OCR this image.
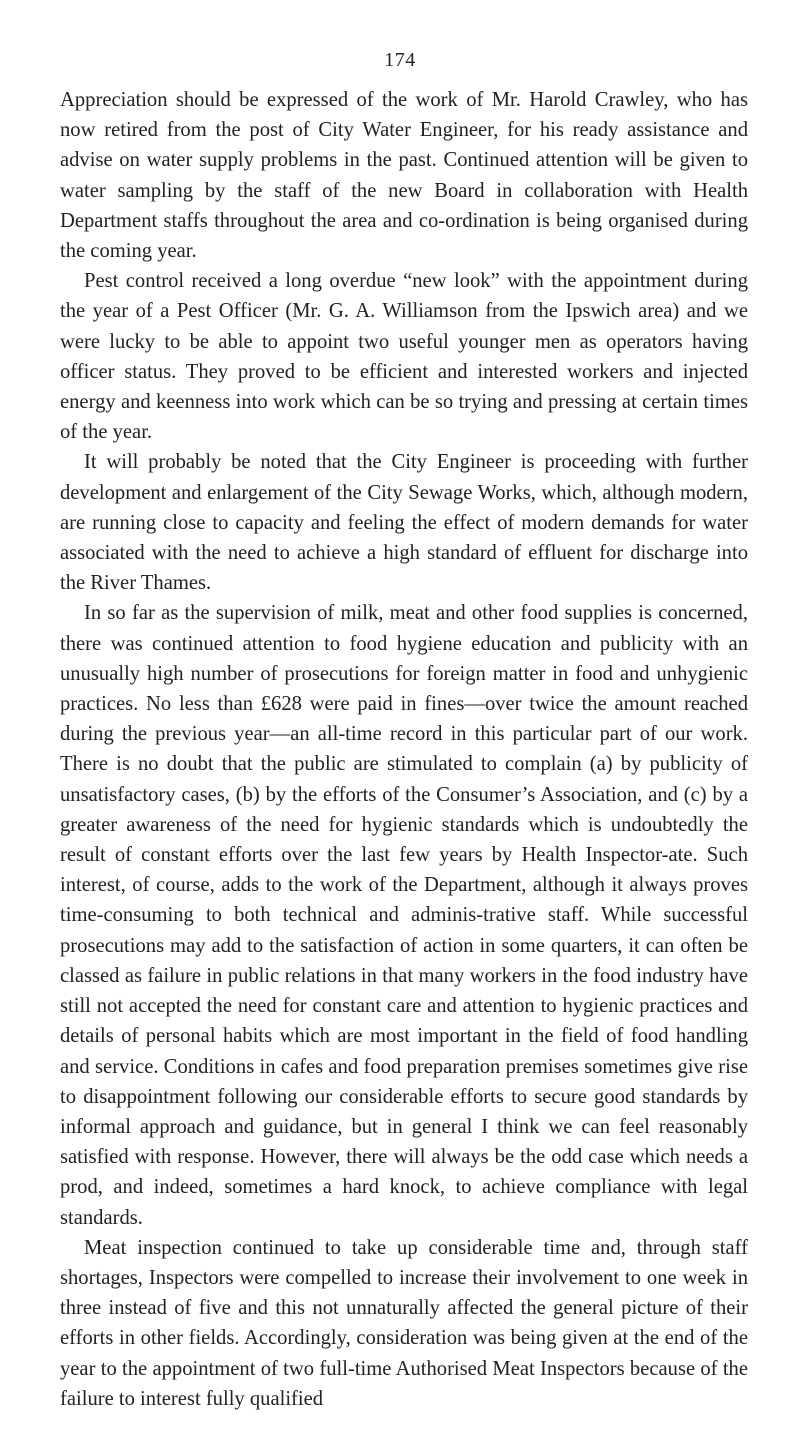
174

Appreciation should be expressed of the work of Mr. Harold Crawley, who has now retired from the post of City Water Engineer, for his ready assistance and advise on water supply problems in the past. Continued attention will be given to water sampling by the staff of the new Board in collaboration with Health Department staffs throughout the area and co-ordination is being organised during the coming year.

Pest control received a long overdue “new look” with the appointment during the year of a Pest Officer (Mr. G. A. Williamson from the Ipswich area) and we were lucky to be able to appoint two useful younger men as operators having officer status. They proved to be efficient and interested workers and injected energy and keenness into work which can be so trying and pressing at certain times of the year.

It will probably be noted that the City Engineer is proceeding with further development and enlargement of the City Sewage Works, which, although modern, are running close to capacity and feeling the effect of modern demands for water associated with the need to achieve a high standard of effluent for discharge into the River Thames.

In so far as the supervision of milk, meat and other food supplies is concerned, there was continued attention to food hygiene education and publicity with an unusually high number of prosecutions for foreign matter in food and unhygienic practices. No less than £628 were paid in fines—over twice the amount reached during the previous year—an all-time record in this particular part of our work. There is no doubt that the public are stimulated to complain (a) by publicity of unsatisfactory cases, (b) by the efforts of the Consumer’s Association, and (c) by a greater awareness of the need for hygienic standards which is undoubtedly the result of constant efforts over the last few years by Health Inspector-ate. Such interest, of course, adds to the work of the Department, although it always proves time-consuming to both technical and adminis-trative staff. While successful prosecutions may add to the satisfaction of action in some quarters, it can often be classed as failure in public relations in that many workers in the food industry have still not accepted the need for constant care and attention to hygienic practices and details of personal habits which are most important in the field of food handling and service. Conditions in cafes and food preparation premises sometimes give rise to disappointment following our considerable efforts to secure good standards by informal approach and guidance, but in general I think we can feel reasonably satisfied with response. However, there will always be the odd case which needs a prod, and indeed, sometimes a hard knock, to achieve compliance with legal standards.

Meat inspection continued to take up considerable time and, through staff shortages, Inspectors were compelled to increase their involvement to one week in three instead of five and this not unnaturally affected the general picture of their efforts in other fields. Accordingly, consideration was being given at the end of the year to the appointment of two full-time Authorised Meat Inspectors because of the failure to interest fully qualified
